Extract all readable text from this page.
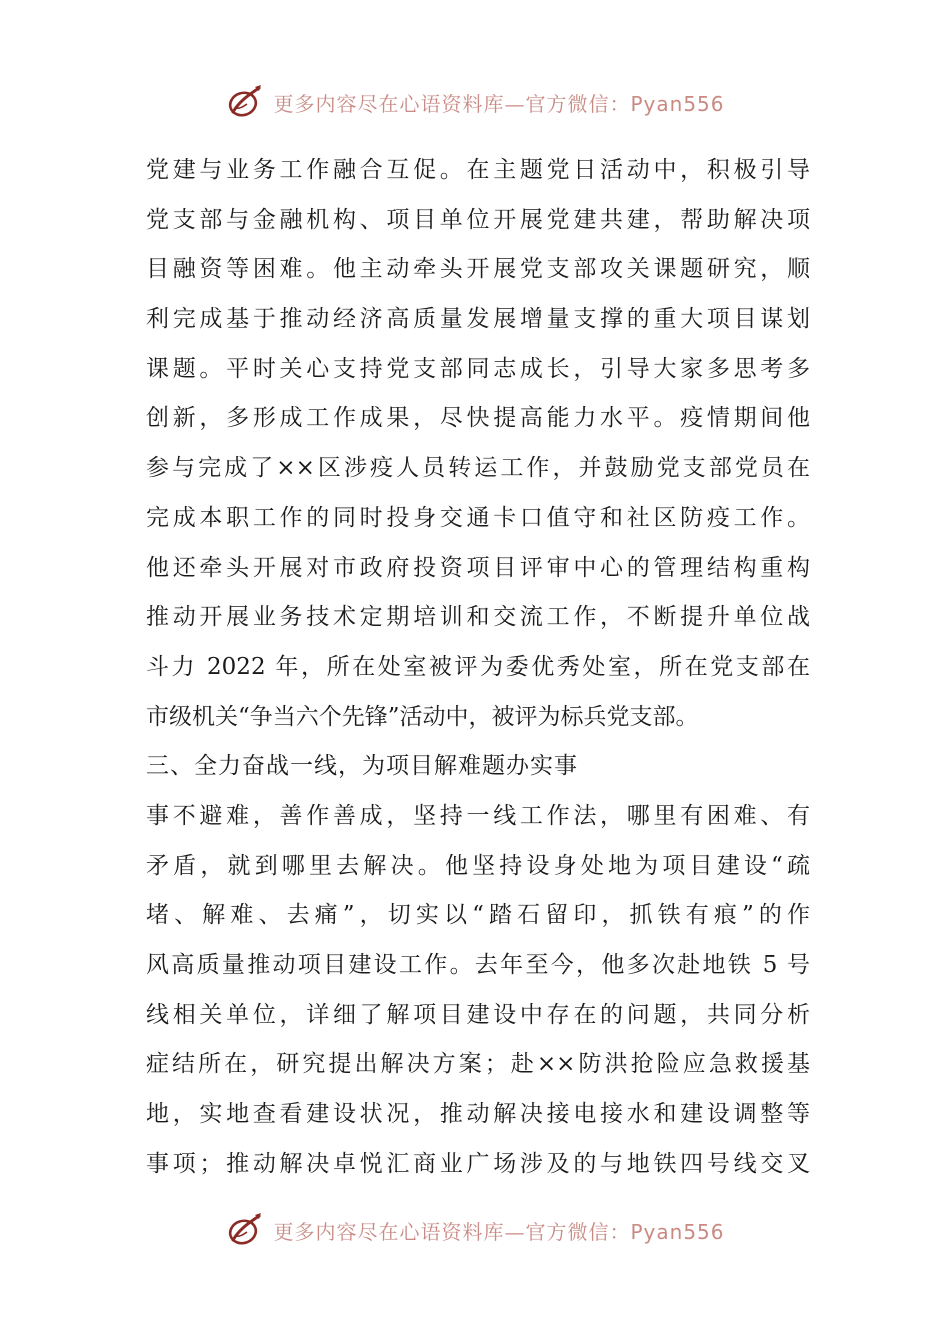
更多内容尽在心语资料库—官方微信：Pyan556
党建与业务工作融合互促。在主题党日活动中，积极引导
党支部与金融机构、项目单位开展党建共建，帮助解决项
目融资等困难。他主动牵头开展党支部攻关课题研究，顺
利完成基于推动经济高质量发展增量支撑的重大项目谋划
课题。平时关心支持党支部同志成长，引导大家多思考多
创新，多形成工作成果，尽快提高能力水平。疫情期间他
参与完成了××区涉疫人员转运工作，并鼓励党支部党员在
完成本职工作的同时投身交通卡口值守和社区防疫工作。
他还牵头开展对市政府投资项目评审中心的管理结构重构
推动开展业务技术定期培训和交流工作，不断提升单位战
斗力 2022 年，所在处室被评为委优秀处室，所在党支部在
市级机关“争当六个先锋”活动中，被评为标兵党支部。
三、全力奋战一线，为项目解难题办实事
事不避难，善作善成，坚持一线工作法，哪里有困难、有
矛盾，就到哪里去解决。他坚持设身处地为项目建设“疏
堵、解难、去痛”，切实以“踏石留印，抓铁有痕”的作
风高质量推动项目建设工作。去年至今，他多次赴地铁 5 号
线相关单位，详细了解项目建设中存在的问题，共同分析
症结所在，研究提出解决方案；赴××防洪抢险应急救援基
地，实地查看建设状况，推动解决接电接水和建设调整等
事项；推动解决卓悦汇商业广场涉及的与地铁四号线交叉
更多内容尽在心语资料库—官方微信：Pyan556
